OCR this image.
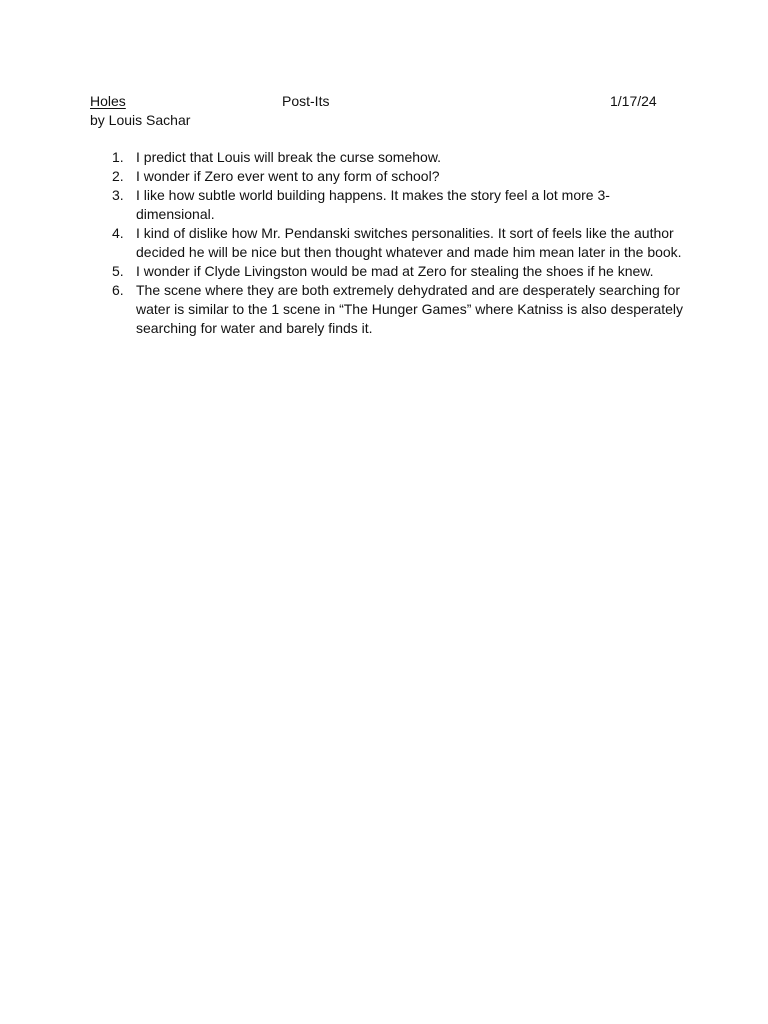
Holes	Post-Its	1/17/24
by Louis Sachar
1. I predict that Louis will break the curse somehow.
2. I wonder if Zero ever went to any form of school?
3. I like how subtle world building happens. It makes the story feel a lot more 3-dimensional.
4. I kind of dislike how Mr. Pendanski switches personalities. It sort of feels like the author decided he will be nice but then thought whatever and made him mean later in the book.
5. I wonder if Clyde Livingston would be mad at Zero for stealing the shoes if he knew.
6. The scene where they are both extremely dehydrated and are desperately searching for water is similar to the 1 scene in “The Hunger Games” where Katniss is also desperately searching for water and barely finds it.
